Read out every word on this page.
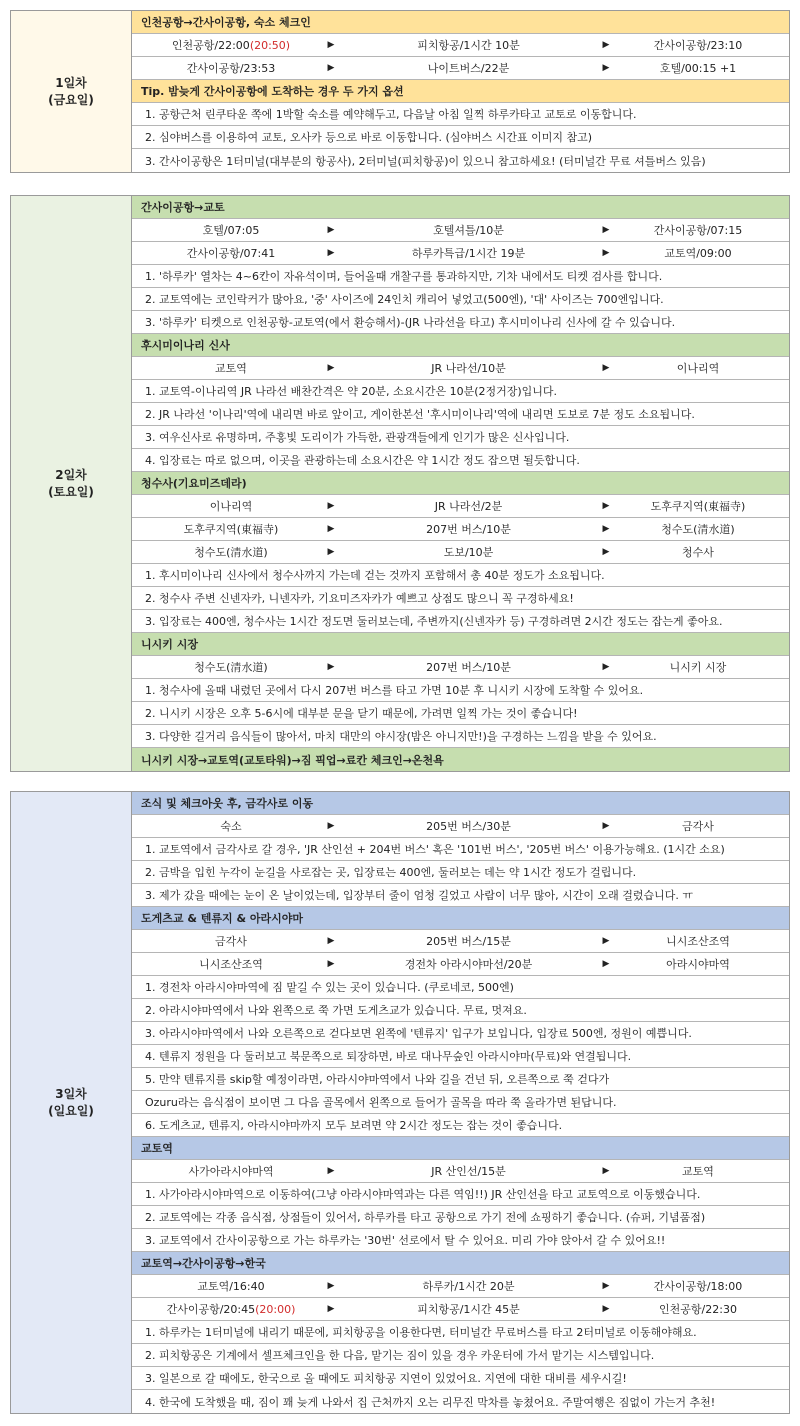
1일차
(금요일)
인천공항→간사이공항, 숙소 체크인
인천공항/22:00(20:50)	▶	피치항공/1시간 10분	▶	간사이공항/23:10
간사이공항/23:53	▶	나이트버스/22분	▶	호텔/00:15 +1
Tip. 밤늦게 간사이공항에 도착하는 경우 두 가지 옵션
1. 공항근처 린쿠타운 쪽에 1박할 숙소를 예약해두고, 다음날 아침 일찍 하루카타고 교토로 이동합니다.
2. 심야버스를 이용하여 교토, 오사카 등으로 바로 이동합니다. (심야버스 시간표 이미지 참고)
3. 간사이공항은 1터미널(대부분의 항공사), 2터미널(피치항공)이 있으니 참고하세요! (터미널간 무료 셔틀버스 있음)
2일차
(토요일)
간사이공항→교토
호텔/07:05	▶	호텔셔틀/10분	▶	간사이공항/07:15
간사이공항/07:41	▶	하루카특급/1시간 19분	▶	교토역/09:00
1. '하루카' 열차는 4~6칸이 자유석이며, 들어올때 개찰구를 통과하지만, 기차 내에서도 티켓 검사를 합니다.
2. 교토역에는 코인락커가 많아요, '중' 사이즈에 24인치 캐리어 넣었고(500엔), '대' 사이즈는 700엔입니다.
3. '하루카' 티켓으로 인천공항-교토역(에서 환승해서)-(JR 나라선을 타고) 후시미이나리 신사에 갈 수 있습니다.
후시미이나리 신사
교토역	▶	JR 나라선/10분	▶	이나리역
1. 교토역-이나리역 JR 나라선 배찬간격은 약 20분, 소요시간은 10분(2정거장)입니다.
2. JR 나라선 '이나리'역에 내리면 바로 앞이고, 게이한본선 '후시미이나리'역에 내리면 도보로 7분 정도 소요됩니다.
3. 여우신사로 유명하며, 주홍빛 도리이가 가득한, 관광객들에게 인기가 많은 신사입니다.
4. 입장료는 따로 없으며, 이곳을 관광하는데 소요시간은 약 1시간 정도 잡으면 될듯합니다.
청수사(기요미즈데라)
이나리역	▶	JR 나라선/2분	▶	도후쿠지역(東福寺)
도후쿠지역(東福寺)	▶	207번 버스/10분	▶	청수도(清水道)
청수도(清水道)	▶	도보/10분	▶	청수사
1. 후시미이나리 신사에서 청수사까지 가는데 걷는 것까지 포함해서 총 40분 정도가 소요됩니다.
2. 청수사 주변 신넨자카, 니넨자카, 기요미즈자카가 예쁘고 상점도 많으니 꼭 구경하세요!
3. 입장료는 400엔, 청수사는 1시간 정도면 둘러보는데, 주변까지(신넨자카 등) 구경하려면 2시간 정도는 잡는게 좋아요.
니시키 시장
청수도(清水道)	▶	207번 버스/10분	▶	니시키 시장
1. 청수사에 올때 내렸던 곳에서 다시 207번 버스를 타고 가면 10분 후 니시키 시장에 도착할 수 있어요.
2. 니시키 시장은 오후 5-6시에 대부분 문을 닫기 때문에, 가려면 일찍 가는 것이 좋습니다!
3. 다양한 길거리 음식들이 많아서, 마치 대만의 야시장(밤은 아니지만!)을 구경하는 느낌을 받을 수 있어요.
니시키 시장→교토역(교토타워)→짐 픽업→료칸 체크인→온천욕
3일차
(일요일)
조식 및 체크아웃 후, 금각사로 이동
숙소	▶	205번 버스/30분	▶	금각사
1. 교토역에서 금각사로 갈 경우, 'JR 산인선 + 204번 버스' 혹은 '101번 버스', '205번 버스' 이용가능해요. (1시간 소요)
2. 금박을 입힌 누각이 눈길을 사로잡는 곳, 입장료는 400엔, 둘러보는 데는 약 1시간 정도가 걸립니다.
3. 제가 갔을 때에는 눈이 온 날이었는데, 입장부터 줄이 엄청 길었고 사람이 너무 많아, 시간이 오래 걸렸습니다. ㅠ
도게츠교 & 텐류지 & 아라시야마
금각사	▶	205번 버스/15분	▶	니시조산조역
니시조산조역	▶	경전차 아라시야마선/20분	▶	아라시야마역
1. 경전차 아라시야마역에 짐 맡길 수 있는 곳이 있습니다. (쿠로네코, 500엔)
2. 아라시야마역에서 나와 왼쪽으로 쭉 가면 도게츠교가 있습니다. 무료, 멋져요.
3. 아라시야마역에서 나와 오른쪽으로 걷다보면 왼쪽에 '텐류지' 입구가 보입니다, 입장료 500엔, 정원이 예쁩니다.
4. 텐류지 정원을 다 둘러보고 북문쪽으로 퇴장하면, 바로 대나무숲인 아라시야마(무료)와 연결됩니다.
5. 만약 텐류지를 skip할 예정이라면, 아라시야마역에서 나와 길을 건넌 뒤, 오른쪽으로 쭉 걷다가
Ozuru라는 음식점이 보이면 그 다음 골목에서 왼쪽으로 들어가 골목을 따라 쭉 올라가면 된답니다.
6. 도게츠교, 텐류지, 아라시야마까지 모두 보려면 약 2시간 정도는 잡는 것이 좋습니다.
교토역
사가아라시야마역	▶	JR 산인선/15분	▶	교토역
1. 사가아라시야마역으로 이동하여(그냥 아라시야마역과는 다른 역임!!) JR 산인선을 타고 교토역으로 이동했습니다.
2. 교토역에는 각종 음식점, 상점들이 있어서, 하루카를 타고 공항으로 가기 전에 쇼핑하기 좋습니다. (슈퍼, 기념품점)
3. 교토역에서 간사이공항으로 가는 하루카는 '30번' 선로에서 탈 수 있어요. 미리 가야 앉아서 갈 수 있어요!!
교토역→간사이공항→한국
교토역/16:40	▶	하루카/1시간 20분	▶	간사이공항/18:00
간사이공항/20:45(20:00)	▶	피치항공/1시간 45분	▶	인천공항/22:30
1. 하루카는 1터미널에 내리기 때문에, 피치항공을 이용한다면, 터미널간 무료버스를 타고 2터미널로 이동해야해요.
2. 피치항공은 기계에서 셀프체크인을 한 다음, 맡기는 짐이 있을 경우 카운터에 가서 맡기는 시스템입니다.
3. 일본으로 갈 때에도, 한국으로 올 때에도 피치항공 지연이 있었어요. 지연에 대한 대비를 세우시길!
4. 한국에 도착했을 때, 짐이 꽤 늦게 나와서 집 근처까지 오는 리무진 막차를 놓쳤어요. 주말여행은 짐없이 가는거 추천!
